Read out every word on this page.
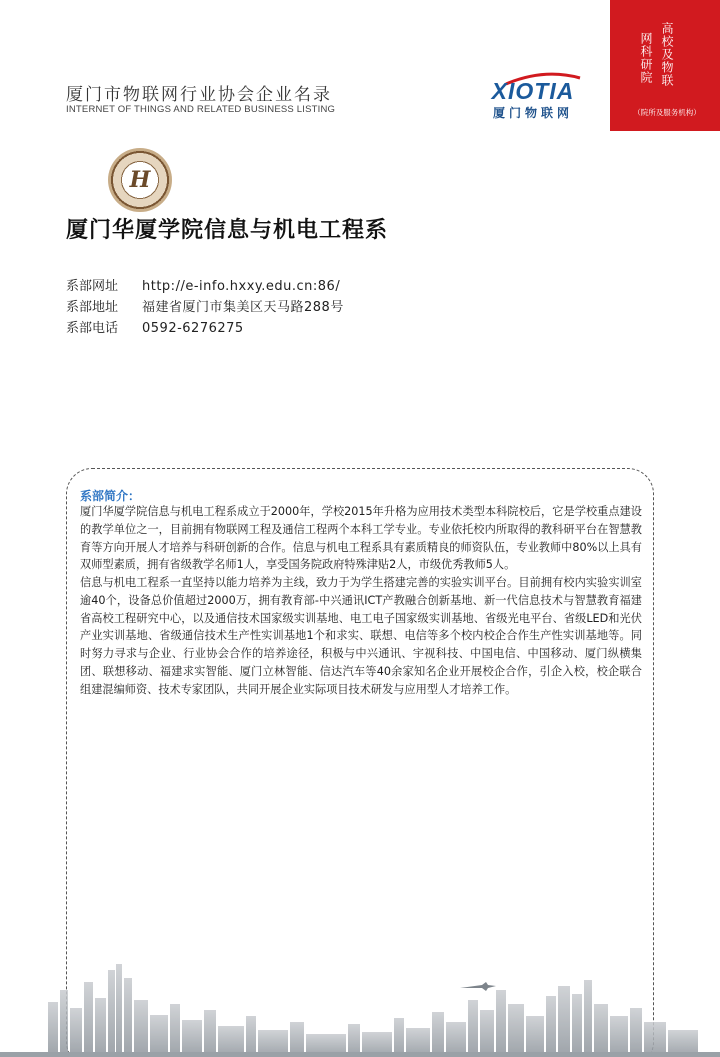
厦门市物联网行业协会企业名录
INTERNET OF THINGS AND RELATED BUSINESS LISTING
XIOTIA
厦门物联网	（院所及服务机构）
高校及物联
网科研院
H
厦门华厦学院信息与机电工程系
系部网址 http://e-info.hxxy.edu.cn:86/
系部地址 福建省厦门市集美区天马路288号
系部电话 0592-6276275
系部简介：

厦门华厦学院信息与机电工程系成立于2000年，学校2015年升格为应用技术类型本科院校后，它是学校重点建设的教学单位之一，目前拥有物联网工程及通信工程两个本科工学专业。专业依托校内所取得的教科研平台在智慧教育等方向开展人才培养与科研创新的合作。信息与机电工程系具有素质精良的师资队伍，专业教师中80%以上具有双师型素质，拥有省级教学名师1人，享受国务院政府特殊津贴2人，市级优秀教师5人。

信息与机电工程系一直坚持以能力培养为主线，致力于为学生搭建完善的实验实训平台。目前拥有校内实验实训室逾40个，设备总价值超过2000万，拥有教育部-中兴通讯ICT产教融合创新基地、新一代信息技术与智慧教育福建省高校工程研究中心，以及通信技术国家级实训基地、电工电子国家级实训基地、省级光电平台、省级LED和光伏产业实训基地、省级通信技术生产性实训基地1个和求实、联想、电信等多个校内校企合作生产性实训基地等。同时努力寻求与企业、行业协会合作的培养途径，积极与中兴通讯、宇视科技、中国电信、中国移动、厦门纵横集团、联想移动、福建求实智能、厦门立林智能、信达汽车等40余家知名企业开展校企合作，引企入校，校企联合组建混编师资、技术专家团队，共同开展企业实际项目技术研发与应用型人才培养工作。
